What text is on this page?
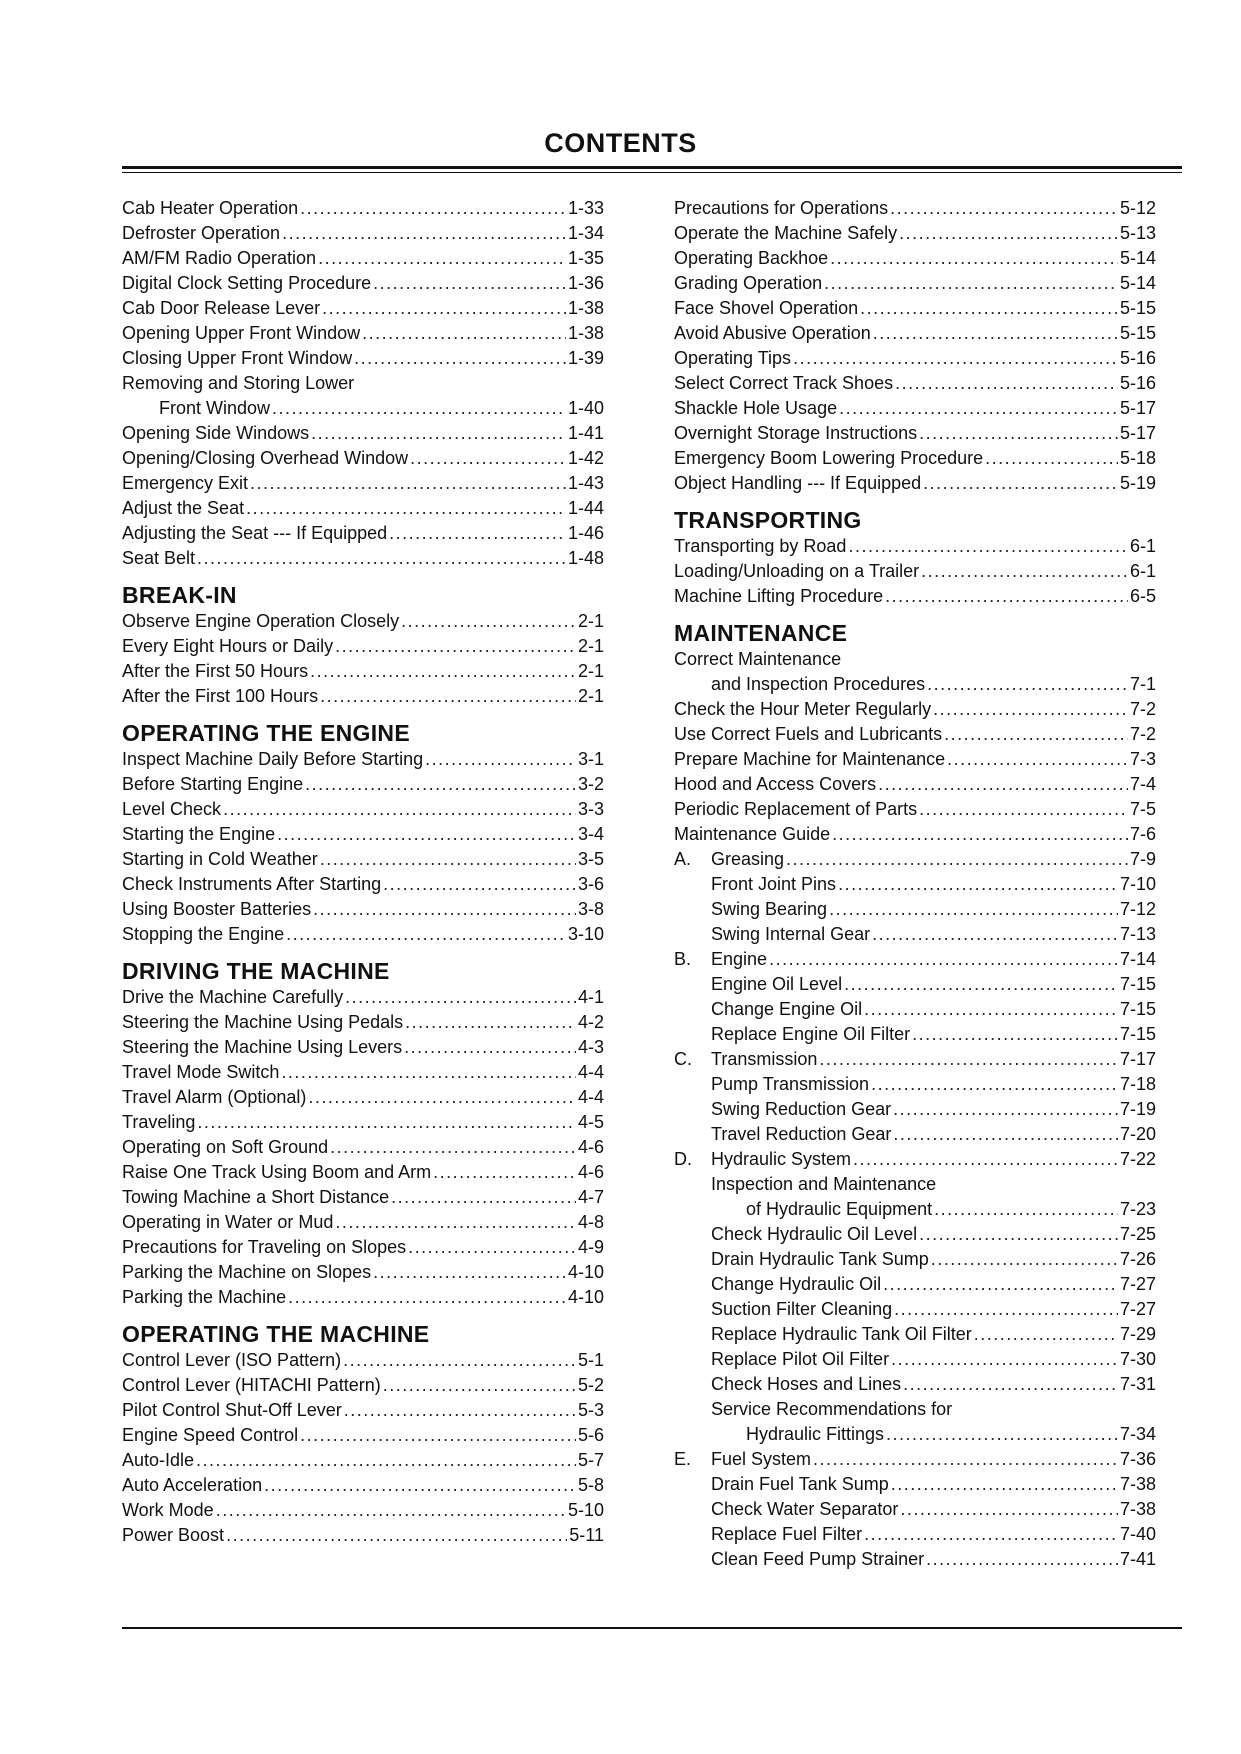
CONTENTS
Cab Heater Operation .....	1-33
Defroster Operation .....	1-34
AM/FM Radio Operation .....	1-35
Digital Clock Setting Procedure .....	1-36
Cab Door Release Lever .....	1-38
Opening Upper Front Window .....	1-38
Closing Upper Front Window .....	1-39
Removing and Storing Lower
Front Window .....	1-40
Opening Side Windows .....	1-41
Opening/Closing Overhead Window .....	1-42
Emergency Exit .....	1-43
Adjust the Seat .....	1-44
Adjusting the Seat --- If Equipped .....	1-46
Seat Belt .....	1-48
BREAK-IN
Observe Engine Operation Closely .....	2-1
Every Eight Hours or Daily .....	2-1
After the First 50 Hours .....	2-1
After the First 100 Hours .....	2-1
OPERATING THE ENGINE
Inspect Machine Daily Before Starting .....	3-1
Before Starting Engine .....	3-2
Level Check .....	3-3
Starting the Engine .....	3-4
Starting in Cold Weather .....	3-5
Check Instruments After Starting .....	3-6
Using Booster Batteries .....	3-8
Stopping the Engine .....	3-10
DRIVING THE MACHINE
Drive the Machine Carefully .....	4-1
Steering the Machine Using Pedals .....	4-2
Steering the Machine Using Levers .....	4-3
Travel Mode Switch .....	4-4
Travel Alarm (Optional) .....	4-4
Traveling .....	4-5
Operating on Soft Ground .....	4-6
Raise One Track Using Boom and Arm .....	4-6
Towing Machine a Short Distance .....	4-7
Operating in Water or Mud .....	4-8
Precautions for Traveling on Slopes .....	4-9
Parking the Machine on Slopes .....	4-10
Parking the Machine .....	4-10
OPERATING THE MACHINE
Control Lever (ISO Pattern) .....	5-1
Control Lever (HITACHI Pattern) .....	5-2
Pilot Control Shut-Off Lever .....	5-3
Engine Speed Control .....	5-6
Auto-Idle .....	5-7
Auto Acceleration .....	5-8
Work Mode .....	5-10
Power Boost .....	5-11
Precautions for Operations .....	5-12
Operate the Machine Safely .....	5-13
Operating Backhoe .....	5-14
Grading Operation .....	5-14
Face Shovel Operation .....	5-15
Avoid Abusive Operation .....	5-15
Operating Tips .....	5-16
Select Correct Track Shoes .....	5-16
Shackle Hole Usage .....	5-17
Overnight Storage Instructions .....	5-17
Emergency Boom Lowering Procedure .....	5-18
Object Handling --- If Equipped .....	5-19
TRANSPORTING
Transporting by Road .....	6-1
Loading/Unloading on a Trailer .....	6-1
Machine Lifting Procedure .....	6-5
MAINTENANCE
Correct Maintenance
and Inspection Procedures .....	7-1
Check the Hour Meter Regularly .....	7-2
Use Correct Fuels and Lubricants .....	7-2
Prepare Machine for Maintenance .....	7-3
Hood and Access Covers .....	7-4
Periodic Replacement of Parts .....	7-5
Maintenance Guide .....	7-6
A.	Greasing .....	7-9
Front Joint Pins .....	7-10
Swing Bearing .....	7-12
Swing Internal Gear .....	7-13
B.	Engine .....	7-14
Engine Oil Level .....	7-15
Change Engine Oil .....	7-15
Replace Engine Oil Filter .....	7-15
C.	Transmission .....	7-17
Pump Transmission .....	7-18
Swing Reduction Gear .....	7-19
Travel Reduction Gear .....	7-20
D.	Hydraulic System .....	7-22
Inspection and Maintenance
of Hydraulic Equipment .....	7-23
Check Hydraulic Oil Level .....	7-25
Drain Hydraulic Tank Sump .....	7-26
Change Hydraulic Oil .....	7-27
Suction Filter Cleaning .....	7-27
Replace Hydraulic Tank Oil Filter .....	7-29
Replace Pilot Oil Filter .....	7-30
Check Hoses and Lines .....	7-31
Service Recommendations for
Hydraulic Fittings .....	7-34
E.	Fuel System .....	7-36
Drain Fuel Tank Sump .....	7-38
Check Water Separator .....	7-38
Replace Fuel Filter .....	7-40
Clean Feed Pump Strainer .....	7-41
